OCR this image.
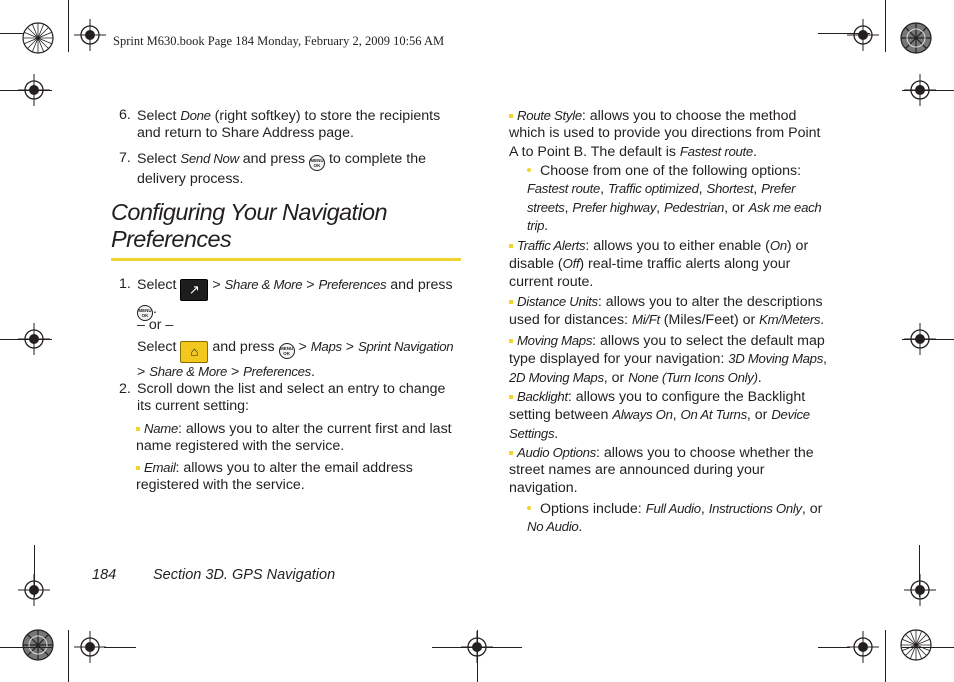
Sprint M630.book Page 184 Monday, February 2, 2009 10:56 AM
6. Select Done (right softkey) to store the recipients and return to Share Address page.
7. Select Send Now and press MENU OK to complete the delivery process.
Configuring Your Navigation Preferences
1. Select ↗ > Share & More > Preferences and press MENU OK .
– or –
Select ⌂ and press MENU OK > Maps > Sprint Navigation
> Share & More > Preferences.
2. Scroll down the list and select an entry to change its current setting:
Name: allows you to alter the current first and last name registered with the service.
Email: allows you to alter the email address registered with the service.
Route Style: allows you to choose the method which is used to provide you directions from Point A to Point B. The default is Fastest route.
Choose from one of the following options: Fastest route, Traffic optimized, Shortest, Prefer streets, Prefer highway, Pedestrian, or Ask me each trip.
Traffic Alerts: allows you to either enable (On) or disable (Off) real-time traffic alerts along your current route.
Distance Units: allows you to alter the descriptions used for distances: Mi/Ft (Miles/Feet) or Km/Meters.
Moving Maps: allows you to select the default map type displayed for your navigation: 3D Moving Maps, 2D Moving Maps, or None (Turn Icons Only).
Backlight: allows you to configure the Backlight setting between Always On, On At Turns, or Device Settings.
Audio Options: allows you to choose whether the street names are announced during your navigation.
Options include: Full Audio, Instructions Only, or No Audio.
184	Section 3D. GPS Navigation
